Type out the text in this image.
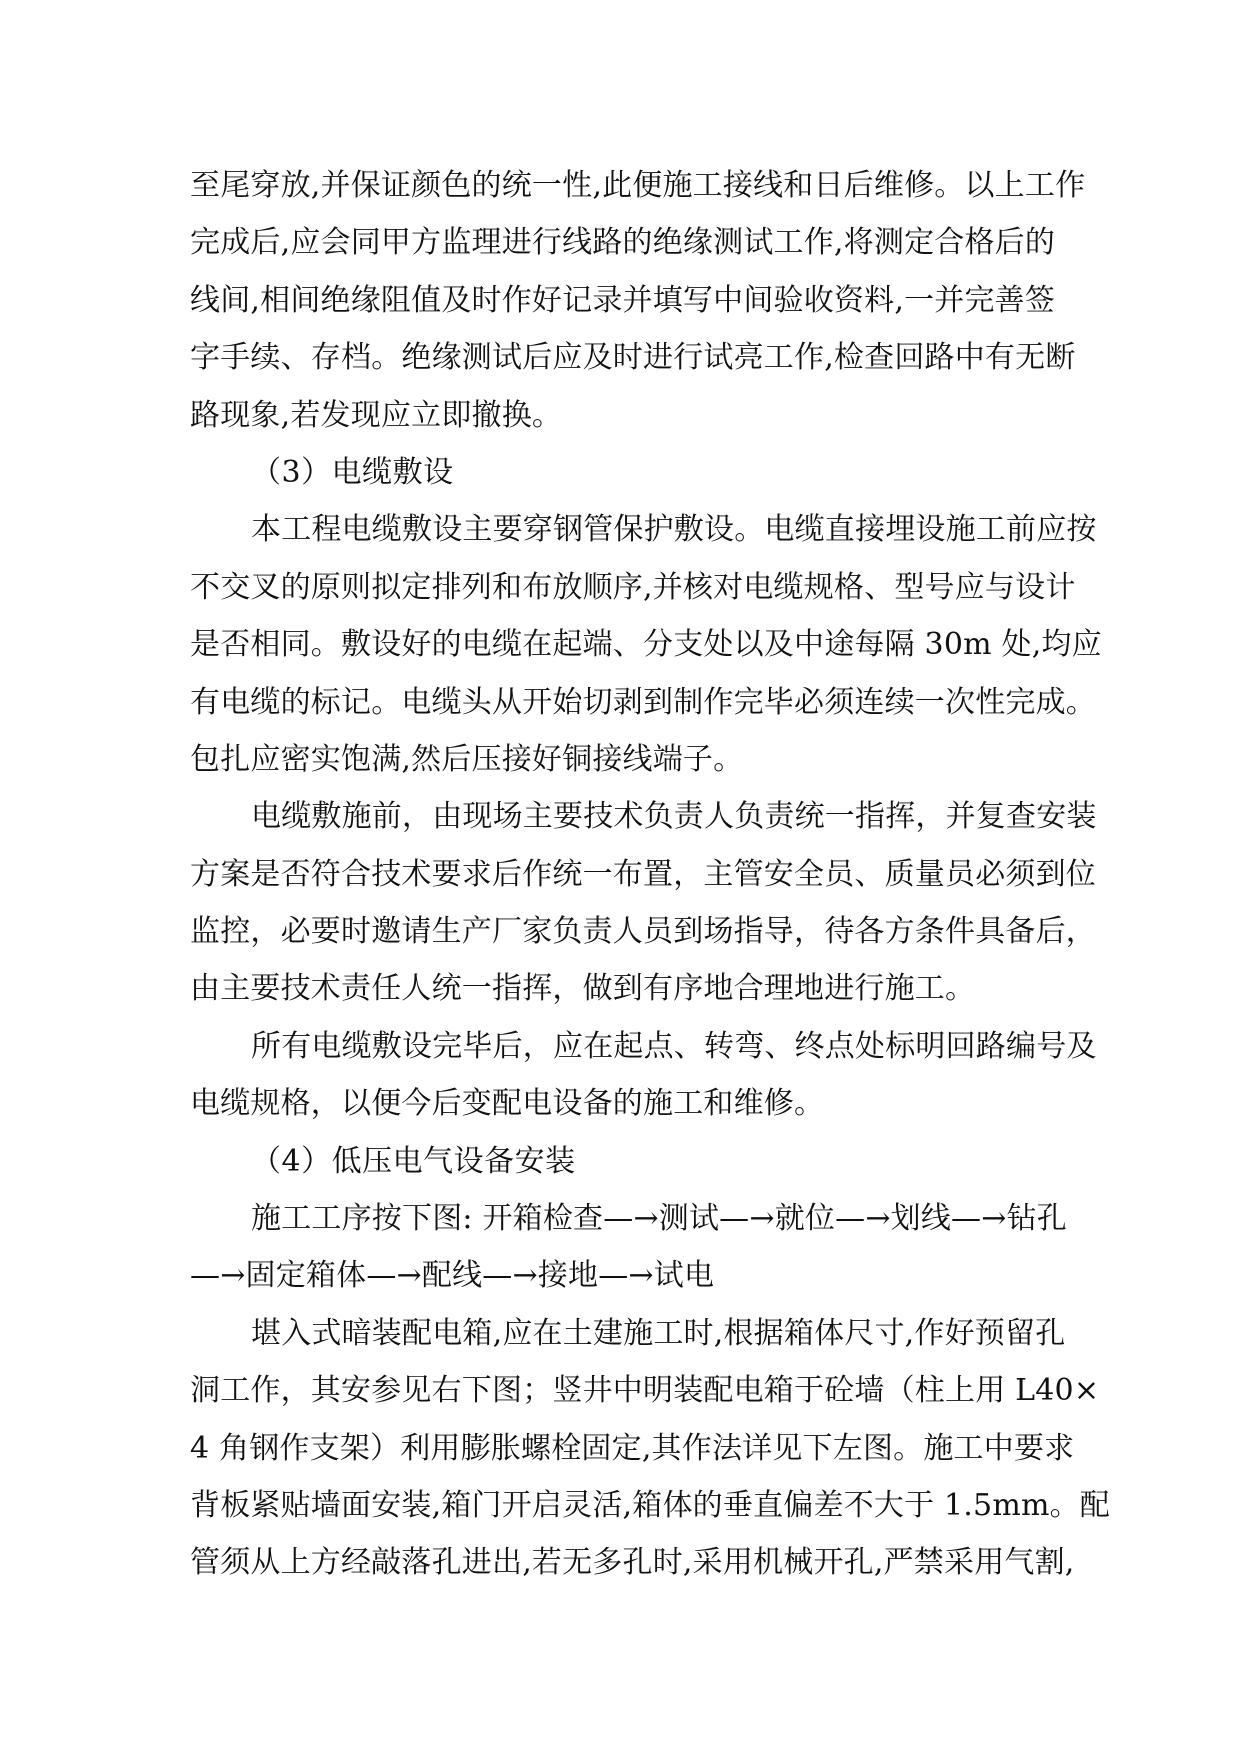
至尾穿放,并保证颜色的统一性,此便施工接线和日后维修。以上工作
完成后,应会同甲方监理进行线路的绝缘测试工作,将测定合格后的
线间,相间绝缘阻值及时作好记录并填写中间验收资料,一并完善签
字手续、存档。绝缘测试后应及时进行试亮工作,检查回路中有无断
路现象,若发现应立即撤换。
（3）电缆敷设
本工程电缆敷设主要穿钢管保护敷设。电缆直接埋设施工前应按
不交叉的原则拟定排列和布放顺序,并核对电缆规格、型号应与设计
是否相同。敷设好的电缆在起端、分支处以及中途每隔 30m 处,均应
有电缆的标记。电缆头从开始切剥到制作完毕必须连续一次性完成。
包扎应密实饱满,然后压接好铜接线端子。
电缆敷施前，由现场主要技术负责人负责统一指挥，并复查安装
方案是否符合技术要求后作统一布置，主管安全员、质量员必须到位
监控，必要时邀请生产厂家负责人员到场指导，待各方条件具备后，
由主要技术责任人统一指挥，做到有序地合理地进行施工。
所有电缆敷设完毕后，应在起点、转弯、终点处标明回路编号及
电缆规格，以便今后变配电设备的施工和维修。
（4）低压电气设备安装
施工工序按下图: 开箱检查—→测试—→就位—→划线—→钻孔
—→固定箱体—→配线—→接地—→试电
堪入式暗装配电箱,应在土建施工时,根据箱体尺寸,作好预留孔
洞工作，其安参见右下图；竖井中明装配电箱于砼墙（柱上用 L40×
4 角钢作支架）利用膨胀螺栓固定,其作法详见下左图。施工中要求
背板紧贴墙面安装,箱门开启灵活,箱体的垂直偏差不大于 1.5mm。配
管须从上方经敲落孔进出,若无多孔时,采用机械开孔,严禁采用气割,
